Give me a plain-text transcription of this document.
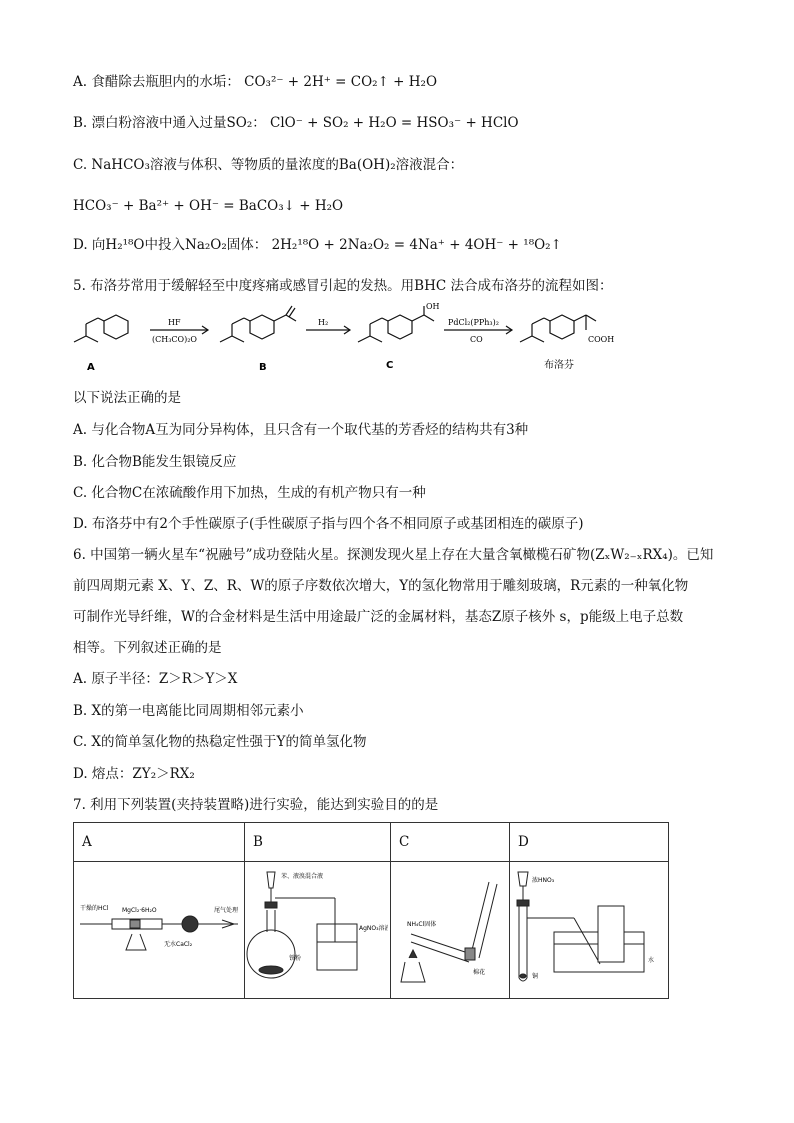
A. 食醋除去瓶胆内的水垢： CO₃²⁻ + 2H⁺ = CO₂↑ + H₂O
B. 漂白粉溶液中通入过量SO₂： ClO⁻ + SO₂ + H₂O = HSO₃⁻ + HClO
C. NaHCO₃溶液与体积、等物质的量浓度的Ba(OH)₂溶液混合：
HCO₃⁻ + Ba²⁺ + OH⁻ = BaCO₃↓ + H₂O
D. 向H₂¹⁸O中投入Na₂O₂固体： 2H₂¹⁸O + 2Na₂O₂ = 4Na⁺ + 4OH⁻ + ¹⁸O₂↑
5. 布洛芬常用于缓解轻至中度疼痛或感冒引起的发热。用BHC 法合成布洛芬的流程如图：
A	B	C	布洛芬
HF
(CH₃CO)₂O
H₂	PdCl₂(PPh₃)₂
CO
OH
COOH
以下说法正确的是
A. 与化合物A互为同分异构体，且只含有一个取代基的芳香烃的结构共有3种
B. 化合物B能发生银镜反应
C. 化合物C在浓硫酸作用下加热，生成的有机产物只有一种
D. 布洛芬中有2个手性碳原子(手性碳原子指与四个各不相同原子或基团相连的碳原子)
6. 中国第一辆火星车“祝融号”成功登陆火星。探测发现火星上存在大量含氧橄榄石矿物(ZₓW₂₋ₓRX₄)。已知
前四周期元素 X、Y、Z、R、W的原子序数依次增大，Y的氢化物常用于雕刻玻璃，R元素的一种氧化物
可制作光导纤维，W的合金材料是生活中用途最广泛的金属材料，基态Z原子核外 s，p能级上电子总数
相等。下列叙述正确的是
A. 原子半径：Z＞R＞Y＞X
B. X的第一电离能比同周期相邻元素小
C. X的简单氢化物的热稳定性强于Y的简单氢化物
D. 熔点：ZY₂＞RX₂
7. 利用下列装置(夹持装置略)进行实验，能达到实验目的的是
A	B	C	D

干燥的HCl MgCl₂·6H₂O
无水CaCl₂
尾气处理	苯、液溴混合液
铁粉
AgNO₃溶液	NH₄Cl固体
棉花	浓HNO₃
铜
水
